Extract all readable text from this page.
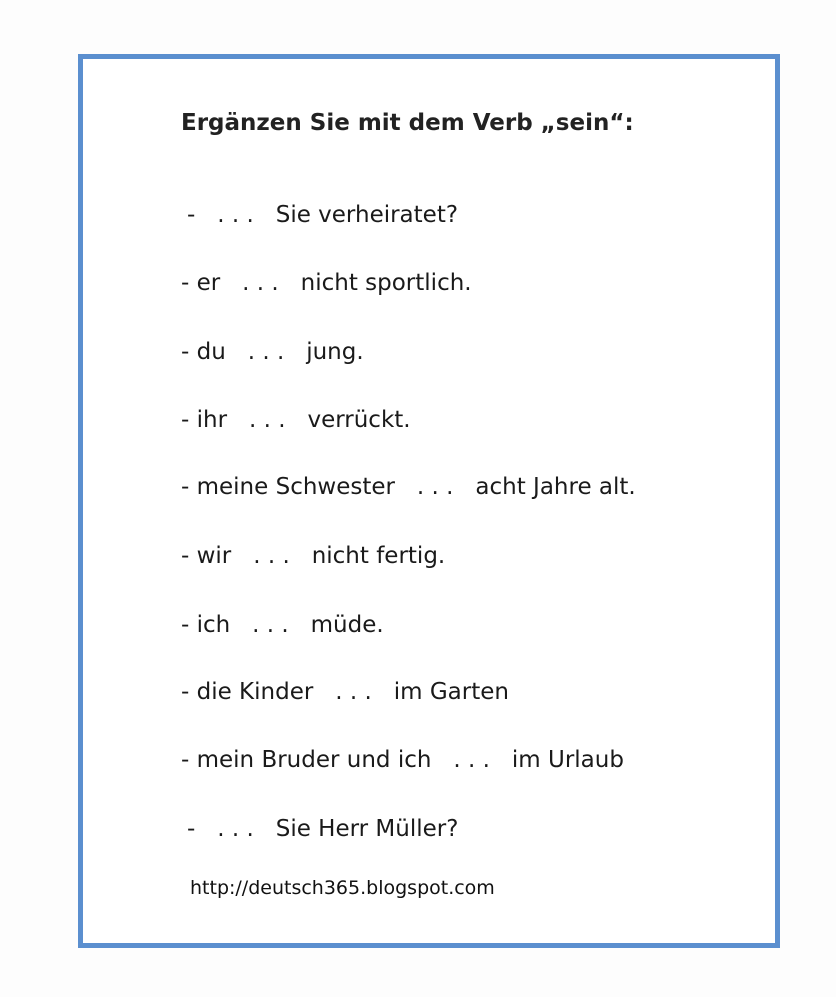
Ergänzen Sie mit dem Verb „sein“:
-   . . .   Sie verheiratet?
- er   . . .   nicht sportlich.
- du   . . .   jung.
- ihr   . . .   verrückt.
- meine Schwester   . . .   acht Jahre alt.
- wir   . . .   nicht fertig.
- ich   . . .   müde.
- die Kinder   . . .   im Garten
- mein Bruder und ich   . . .   im Urlaub
-   . . .   Sie Herr Müller?
http://deutsch365.blogspot.com
